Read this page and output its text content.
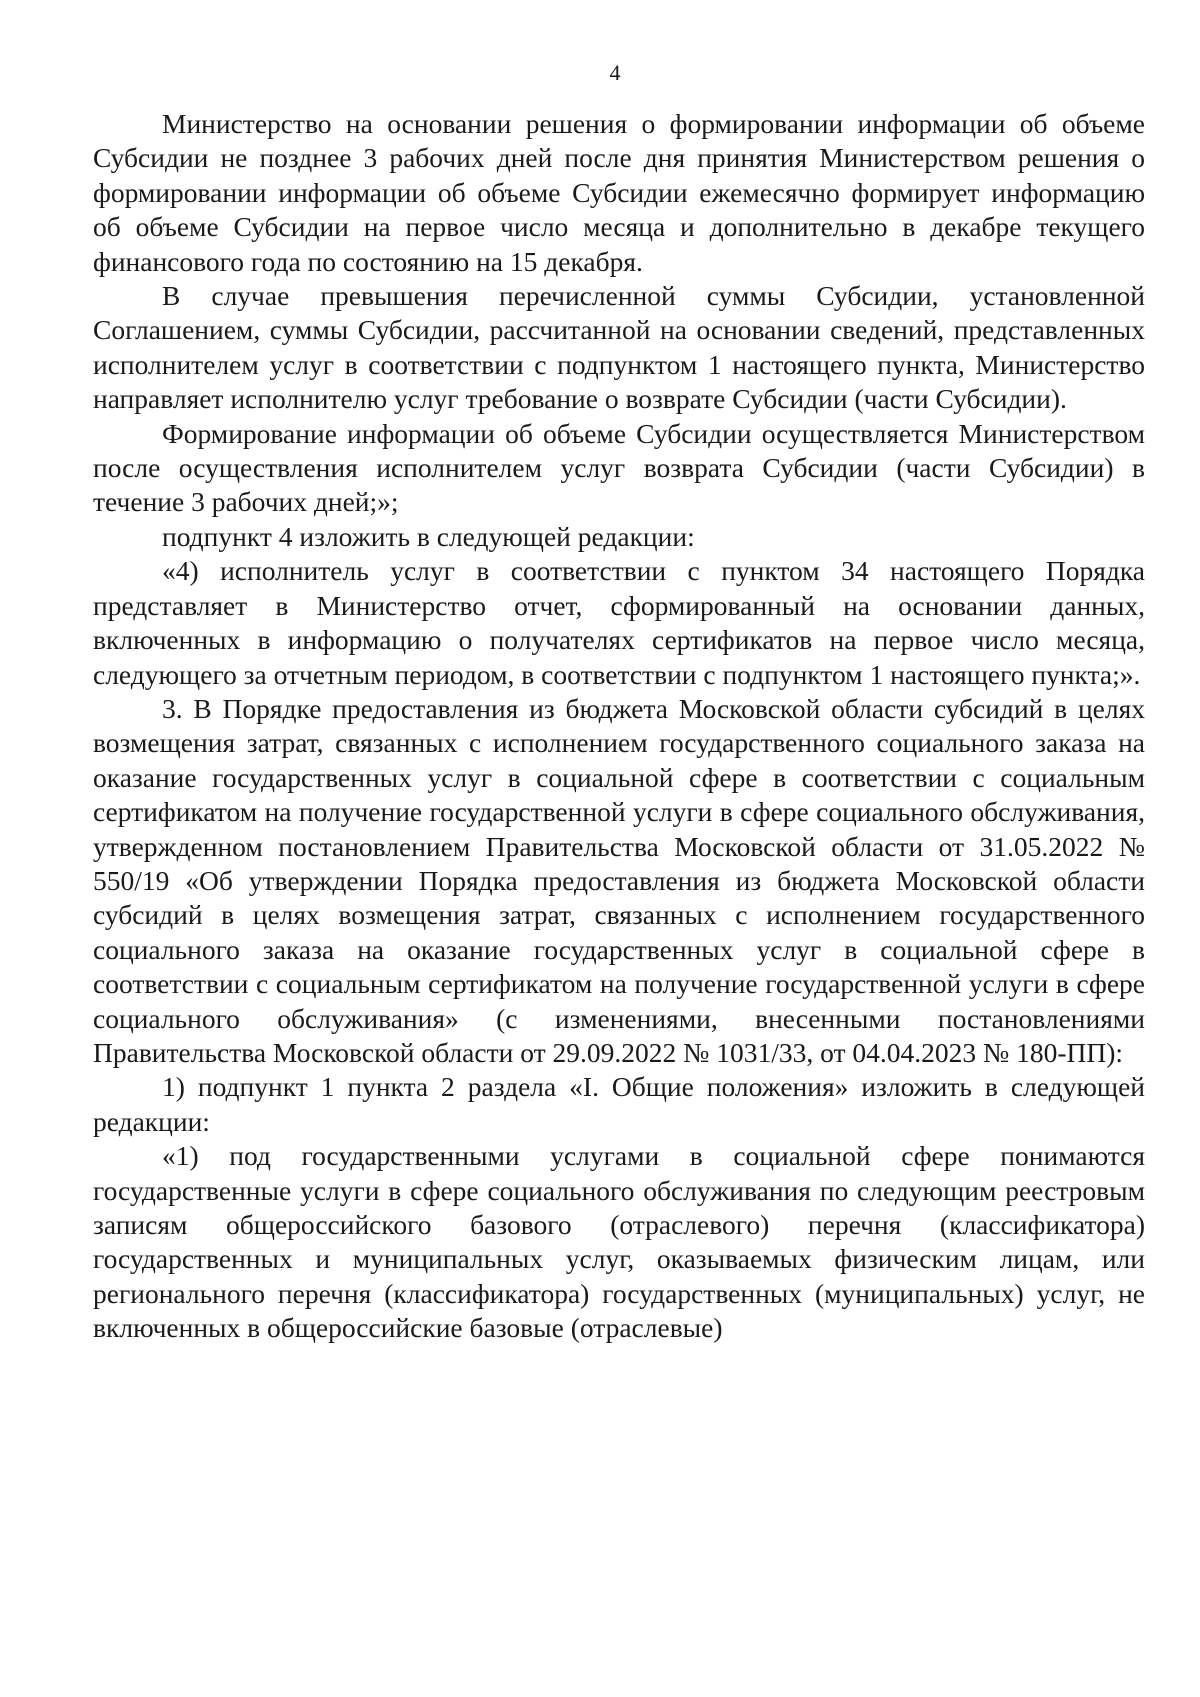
4

Министерство на основании решения о формировании информации об объеме Субсидии не позднее 3 рабочих дней после дня принятия Министерством решения о формировании информации об объеме Субсидии ежемесячно формирует информацию об объеме Субсидии на первое число месяца и дополнительно в декабре текущего финансового года по состоянию на 15 декабря.

В случае превышения перечисленной суммы Субсидии, установленной Соглашением, суммы Субсидии, рассчитанной на основании сведений, представленных исполнителем услуг в соответствии с подпунктом 1 настоящего пункта, Министерство направляет исполнителю услуг требование о возврате Субсидии (части Субсидии).

Формирование информации об объеме Субсидии осуществляется Министерством после осуществления исполнителем услуг возврата Субсидии (части Субсидии) в течение 3 рабочих дней;»;

подпункт 4 изложить в следующей редакции:

«4) исполнитель услуг в соответствии с пунктом 34 настоящего Порядка представляет в Министерство отчет, сформированный на основании данных, включенных в информацию о получателях сертификатов на первое число месяца, следующего за отчетным периодом, в соответствии с подпунктом 1 настоящего пункта;».

3. В Порядке предоставления из бюджета Московской области субсидий в целях возмещения затрат, связанных с исполнением государственного социального заказа на оказание государственных услуг в социальной сфере в соответствии с социальным сертификатом на получение государственной услуги в сфере социального обслуживания, утвержденном постановлением Правительства Московской области от 31.05.2022 № 550/19 «Об утверждении Порядка предоставления из бюджета Московской области субсидий в целях возмещения затрат, связанных с исполнением государственного социального заказа на оказание государственных услуг в социальной сфере в соответствии с социальным сертификатом на получение государственной услуги в сфере социального обслуживания» (с изменениями, внесенными постановлениями Правительства Московской области от 29.09.2022 № 1031/33, от 04.04.2023 № 180-ПП):

1) подпункт 1 пункта 2 раздела «I. Общие положения» изложить в следующей редакции:

«1) под государственными услугами в социальной сфере понимаются государственные услуги в сфере социального обслуживания по следующим реестровым записям общероссийского базового (отраслевого) перечня (классификатора) государственных и муниципальных услуг, оказываемых физическим лицам, или регионального перечня (классификатора) государственных (муниципальных) услуг, не включенных в общероссийские базовые (отраслевые)
